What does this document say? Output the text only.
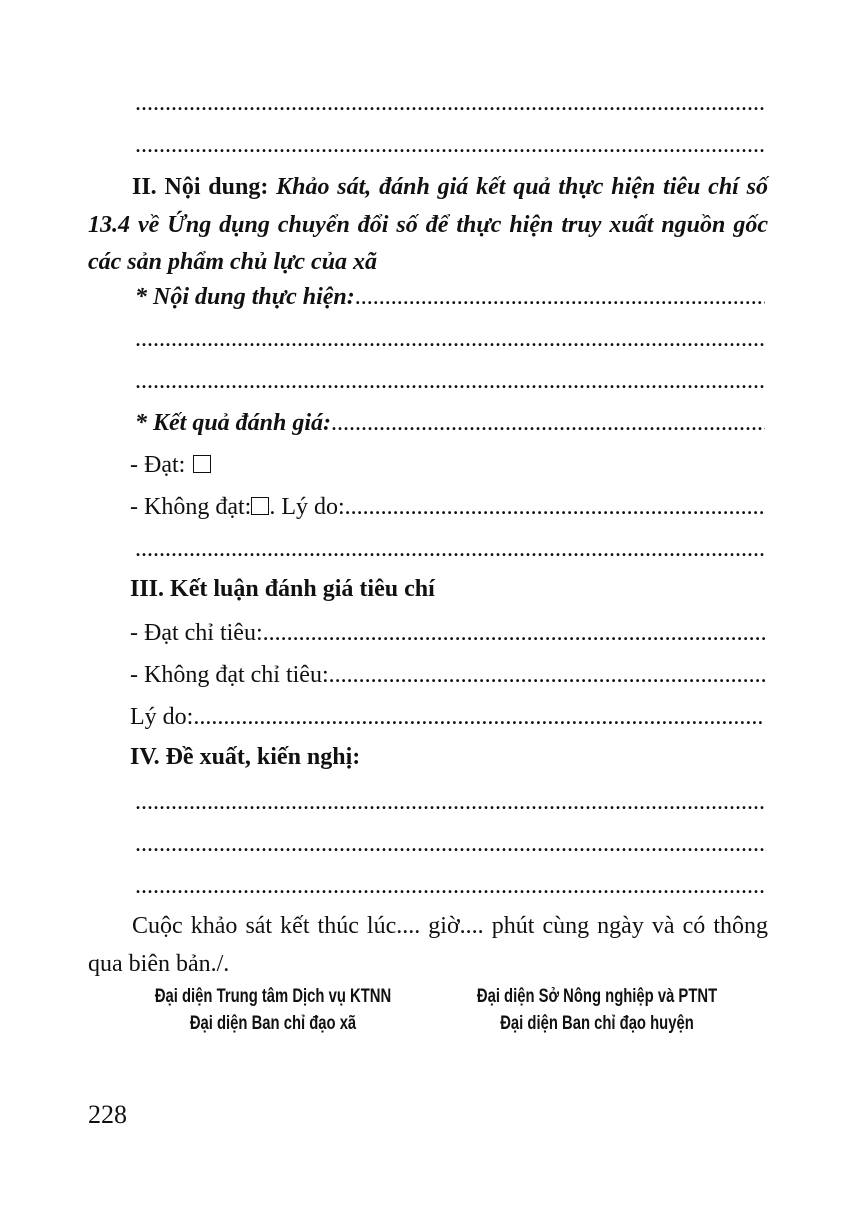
.....
.....
II. Nội dung: Khảo sát, đánh giá kết quả thực hiện tiêu chí số 13.4 về Ứng dụng chuyển đổi số để thực hiện truy xuất nguồn gốc các sản phẩm chủ lực của xã
* Nội dung thực hiện:
.....
.....
.....
* Kết quả đánh giá:
.....
- Đạt:
- Không đạt: . Lý do:
.....
.....
III. Kết luận đánh giá tiêu chí
- Đạt chỉ tiêu:
.....
- Không đạt chỉ tiêu:
.....
Lý do:
.....
IV. Đề xuất, kiến nghị:
.....
.....
.....
Cuộc khảo sát kết thúc lúc.... giờ.... phút cùng ngày và có thông qua biên bản./.
Đại diện Trung tâm Dịch vụ KTNN
Đại diện Ban chỉ đạo xã
Đại diện Sở Nông nghiệp và PTNT
Đại diện Ban chỉ đạo huyện
228
